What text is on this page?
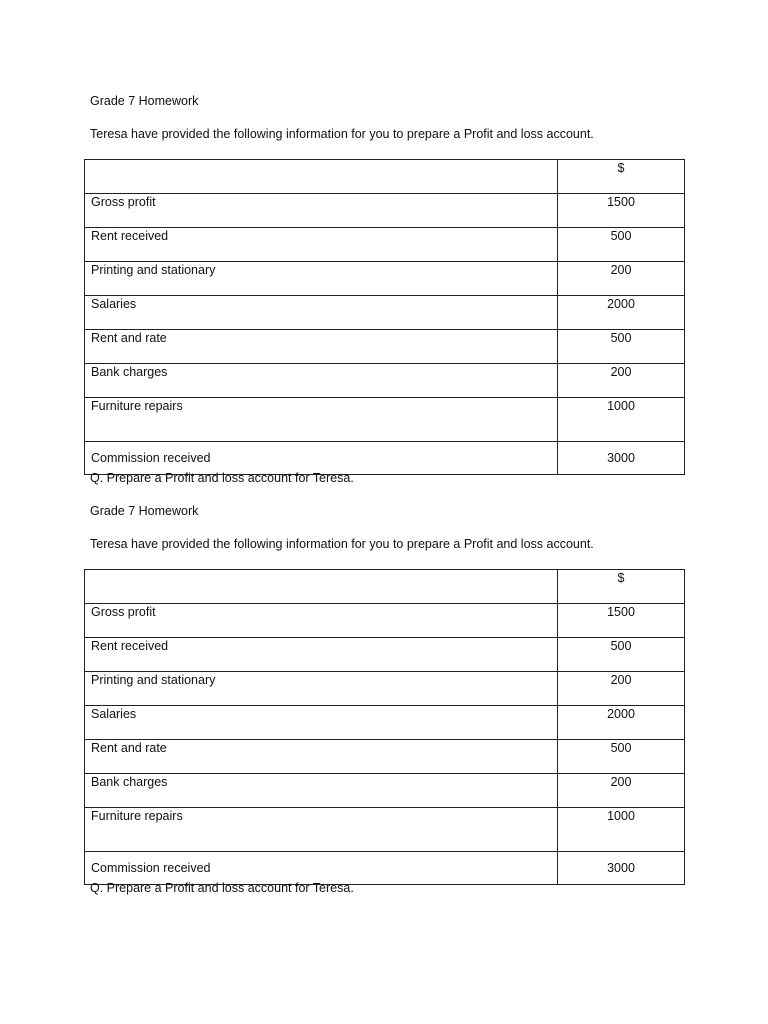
Grade 7 Homework
Teresa have provided the following information for you to prepare a Profit and loss account.
	$
Gross profit	1500
Rent received	500
Printing and stationary	200
Salaries	2000
Rent and rate	500
Bank charges	200
Furniture repairs	1000
Commission received	3000
Q. Prepare a Profit and loss account for Teresa.
Grade 7 Homework
Teresa have provided the following information for you to prepare a Profit and loss account.
	$
Gross profit	1500
Rent received	500
Printing and stationary	200
Salaries	2000
Rent and rate	500
Bank charges	200
Furniture repairs	1000
Commission received	3000
Q. Prepare a Profit and loss account for Teresa.
